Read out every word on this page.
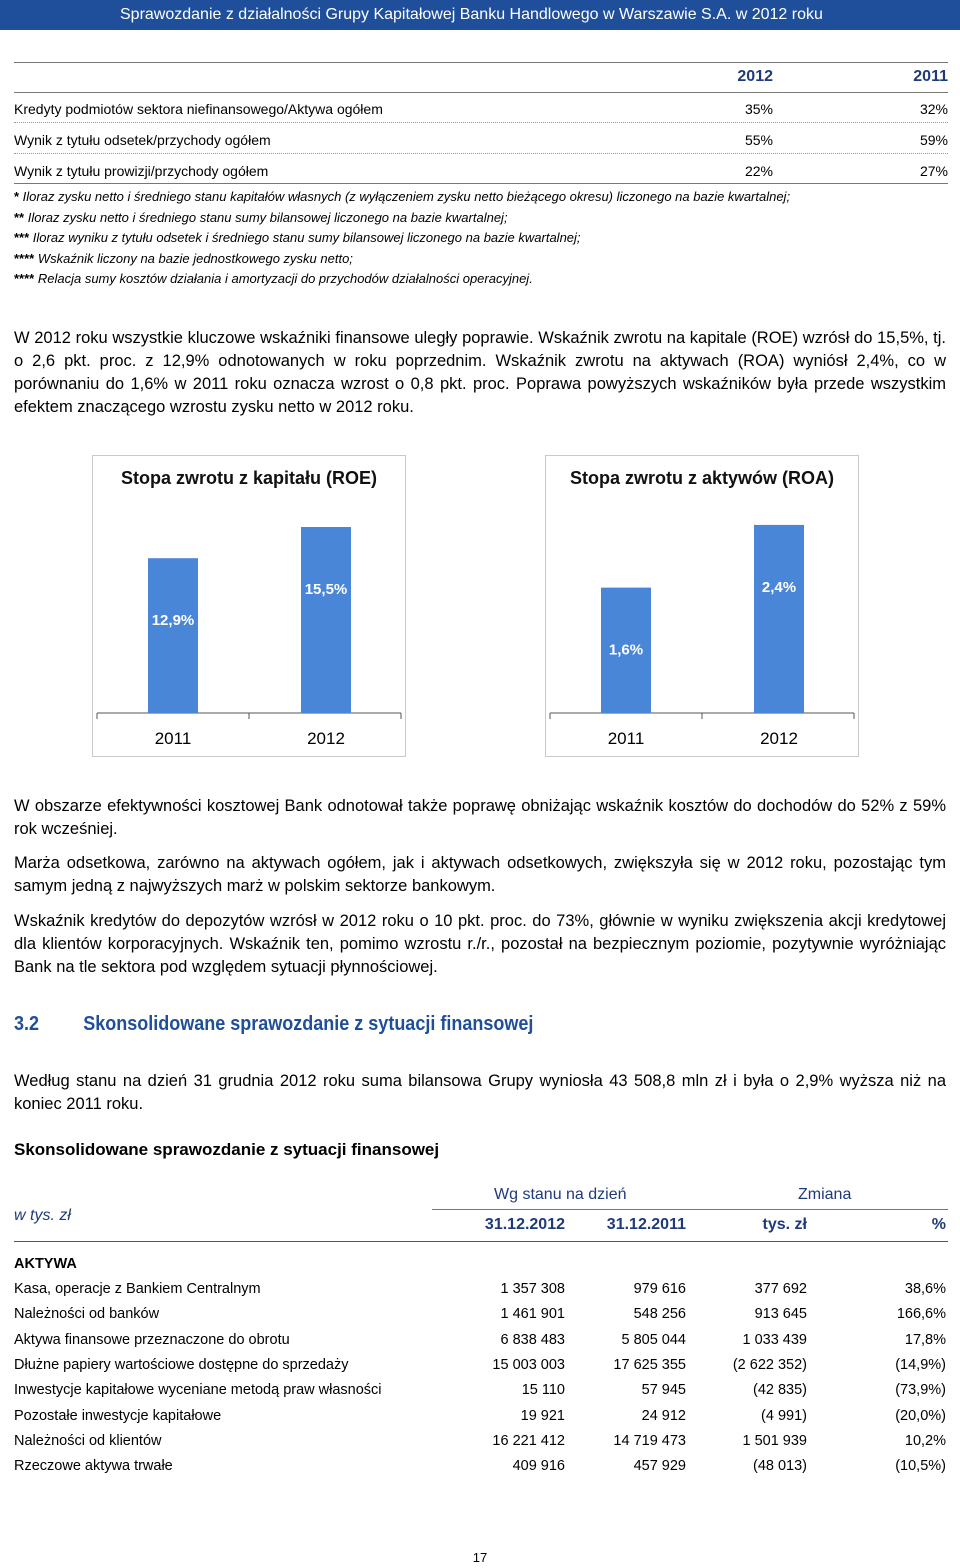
Sprawozdanie z działalności Grupy Kapitałowej Banku Handlowego w Warszawie S.A. w 2012 roku
2012	2011
Kredyty podmiotów sektora niefinansowego/Aktywa ogółem	35%	32%
Wynik z tytułu odsetek/przychody ogółem	55%	59%
Wynik z tytułu prowizji/przychody ogółem	22%	27%
* Iloraz zysku netto i średniego stanu kapitałów własnych (z wyłączeniem zysku netto bieżącego okresu) liczonego na bazie kwartalnej;
** Iloraz zysku netto i średniego stanu sumy bilansowej liczonego na bazie kwartalnej;
*** Iloraz wyniku z tytułu odsetek i średniego stanu sumy bilansowej liczonego na bazie kwartalnej;
**** Wskaźnik liczony na bazie jednostkowego zysku netto;
**** Relacja sumy kosztów działania i amortyzacji do przychodów działalności operacyjnej.
W 2012 roku wszystkie kluczowe wskaźniki finansowe uległy poprawie. Wskaźnik zwrotu na kapitale (ROE) wzrósł do 15,5%, tj. o 2,6 pkt. proc. z 12,9% odnotowanych w roku poprzednim. Wskaźnik zwrotu na aktywach (ROA) wyniósł 2,4%, co w porównaniu do 1,6% w 2011 roku oznacza wzrost o 0,8 pkt. proc. Poprawa powyższych wskaźników była przede wszystkim efektem znaczącego wzrostu zysku netto w 2012 roku.
Stopa zwrotu z kapitału (ROE)
12,9%
2011
15,5%
2012
Stopa zwrotu z aktywów (ROA)
1,6%
2011
2,4%
2012
W obszarze efektywności kosztowej Bank odnotował także poprawę obniżając wskaźnik kosztów do dochodów do 52% z 59% rok wcześniej.
Marża odsetkowa, zarówno na aktywach ogółem, jak i aktywach odsetkowych, zwiększyła się w 2012 roku, pozostając tym samym jedną z najwyższych marż w polskim sektorze bankowym.
Wskaźnik kredytów do depozytów wzrósł w 2012 roku o 10 pkt. proc. do 73%, głównie w wyniku zwiększenia akcji kredytowej dla klientów korporacyjnych. Wskaźnik ten, pomimo wzrostu r./r., pozostał na bezpiecznym poziomie, pozytywnie wyróżniając Bank na tle sektora pod względem sytuacji płynnościowej.
3.2 Skonsolidowane sprawozdanie z sytuacji finansowej
Według stanu na dzień 31 grudnia 2012 roku suma bilansowa Grupy wyniosła 43 508,8 mln zł i była o 2,9% wyższa niż na koniec 2011 roku.
Skonsolidowane sprawozdanie z sytuacji finansowej
Wg stanu na dzień	Zmiana
w tys. zł
31.12.2012	31.12.2011	tys. zł	%
AKTYWA
Kasa, operacje z Bankiem Centralnym	1 357 308	979 616	377 692	38,6%
Należności od banków	1 461 901	548 256	913 645	166,6%
Aktywa finansowe przeznaczone do obrotu	6 838 483	5 805 044	1 033 439	17,8%
Dłużne papiery wartościowe dostępne do sprzedaży	15 003 003	17 625 355	(2 622 352)	(14,9%)
Inwestycje kapitałowe wyceniane metodą praw własności	15 110	57 945	(42 835)	(73,9%)
Pozostałe inwestycje kapitałowe	19 921	24 912	(4 991)	(20,0%)
Należności od klientów	16 221 412	14 719 473	1 501 939	10,2%
Rzeczowe aktywa trwałe	409 916	457 929	(48 013)	(10,5%)
17
